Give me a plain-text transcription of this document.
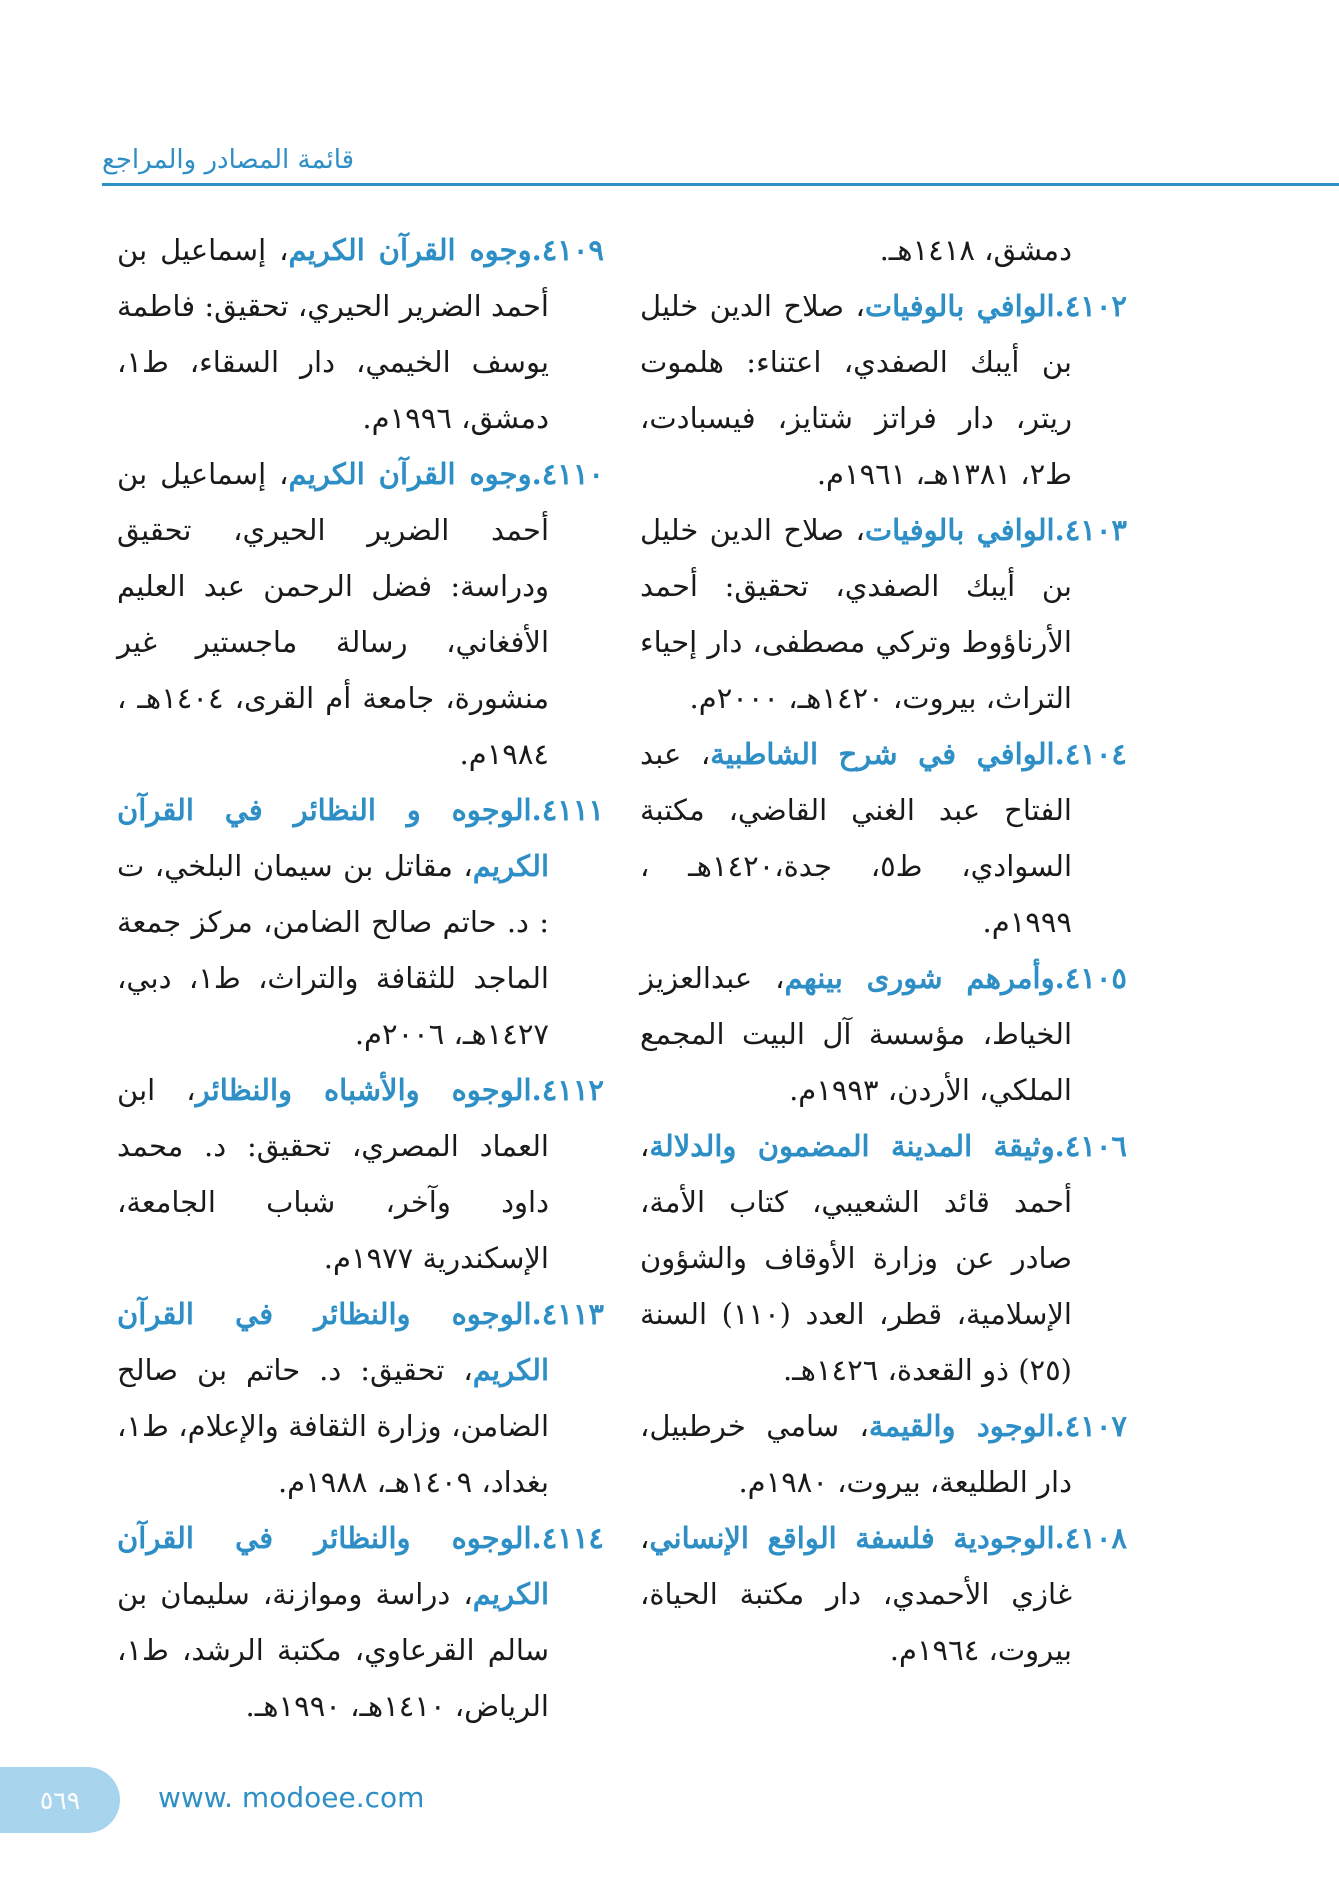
قائمة المصادر والمراجع

دمشق، ١٤١٨هـ.

٤١٠٢.الوافي بالوفيات، صلاح الدين خليل بن أيبك الصفدي، اعتناء: هلموت ريتر، دار فراتز شتايز، فيسبادت، ط٢، ١٣٨١هـ، ١٩٦١م.

٤١٠٣.الوافي بالوفيات، صلاح الدين خليل بن أيبك الصفدي، تحقيق: أحمد الأرناؤوط وتركي مصطفى، دار إحياء التراث، بيروت، ١٤٢٠هـ، ٢٠٠٠م.

٤١٠٤.الوافي في شرح الشاطبية، عبد الفتاح عبد الغني القاضي، مكتبة السوادي، ط٥، جدة،١٤٢٠هـ ، ١٩٩٩م.

٤١٠٥.وأمرهم شورى بينهم، عبدالعزيز الخياط، مؤسسة آل البيت المجمع الملكي، الأردن، ١٩٩٣م.

٤١٠٦.وثيقة المدينة المضمون والدلالة، أحمد قائد الشعيبي، كتاب الأمة، صادر عن وزارة الأوقاف والشؤون الإسلامية، قطر، العدد (١١٠) السنة (٢٥) ذو القعدة، ١٤٢٦هـ.

٤١٠٧.الوجود والقيمة، سامي خرطبيل، دار الطليعة، بيروت، ١٩٨٠م.

٤١٠٨.الوجودية فلسفة الواقع الإنساني، غازي الأحمدي، دار مكتبة الحياة، بيروت، ١٩٦٤م.

٤١٠٩.وجوه القرآن الكريم، إسماعيل بن أحمد الضرير الحيري، تحقيق: فاطمة يوسف الخيمي، دار السقاء، ط١، دمشق، ١٩٩٦م.

٤١١٠.وجوه القرآن الكريم، إسماعيل بن أحمد الضرير الحيري، تحقيق ودراسة: فضل الرحمن عبد العليم الأفغاني، رسالة ماجستير غير منشورة، جامعة أم القرى، ١٤٠٤هـ ، ١٩٨٤م.

٤١١١.الوجوه و النظائر في القرآن الكريم، مقاتل بن سيمان البلخي، ت : د. حاتم صالح الضامن، مركز جمعة الماجد للثقافة والتراث، ط١، دبي، ١٤٢٧هـ، ٢٠٠٦م.

٤١١٢.الوجوه والأشباه والنظائر، ابن العماد المصري، تحقيق: د. محمد داود وآخر، شباب الجامعة، الإسكندرية ١٩٧٧م.

٤١١٣.الوجوه والنظائر في القرآن الكريم، تحقيق: د. حاتم بن صالح الضامن، وزارة الثقافة والإعلام، ط١، بغداد، ١٤٠٩هـ، ١٩٨٨م.

٤١١٤.الوجوه والنظائر في القرآن الكريم، دراسة وموازنة، سليمان بن سالم القرعاوي، مكتبة الرشد، ط١، الرياض، ١٤١٠هـ، ١٩٩٠هـ.

٥٦٩	www. modoee.com
